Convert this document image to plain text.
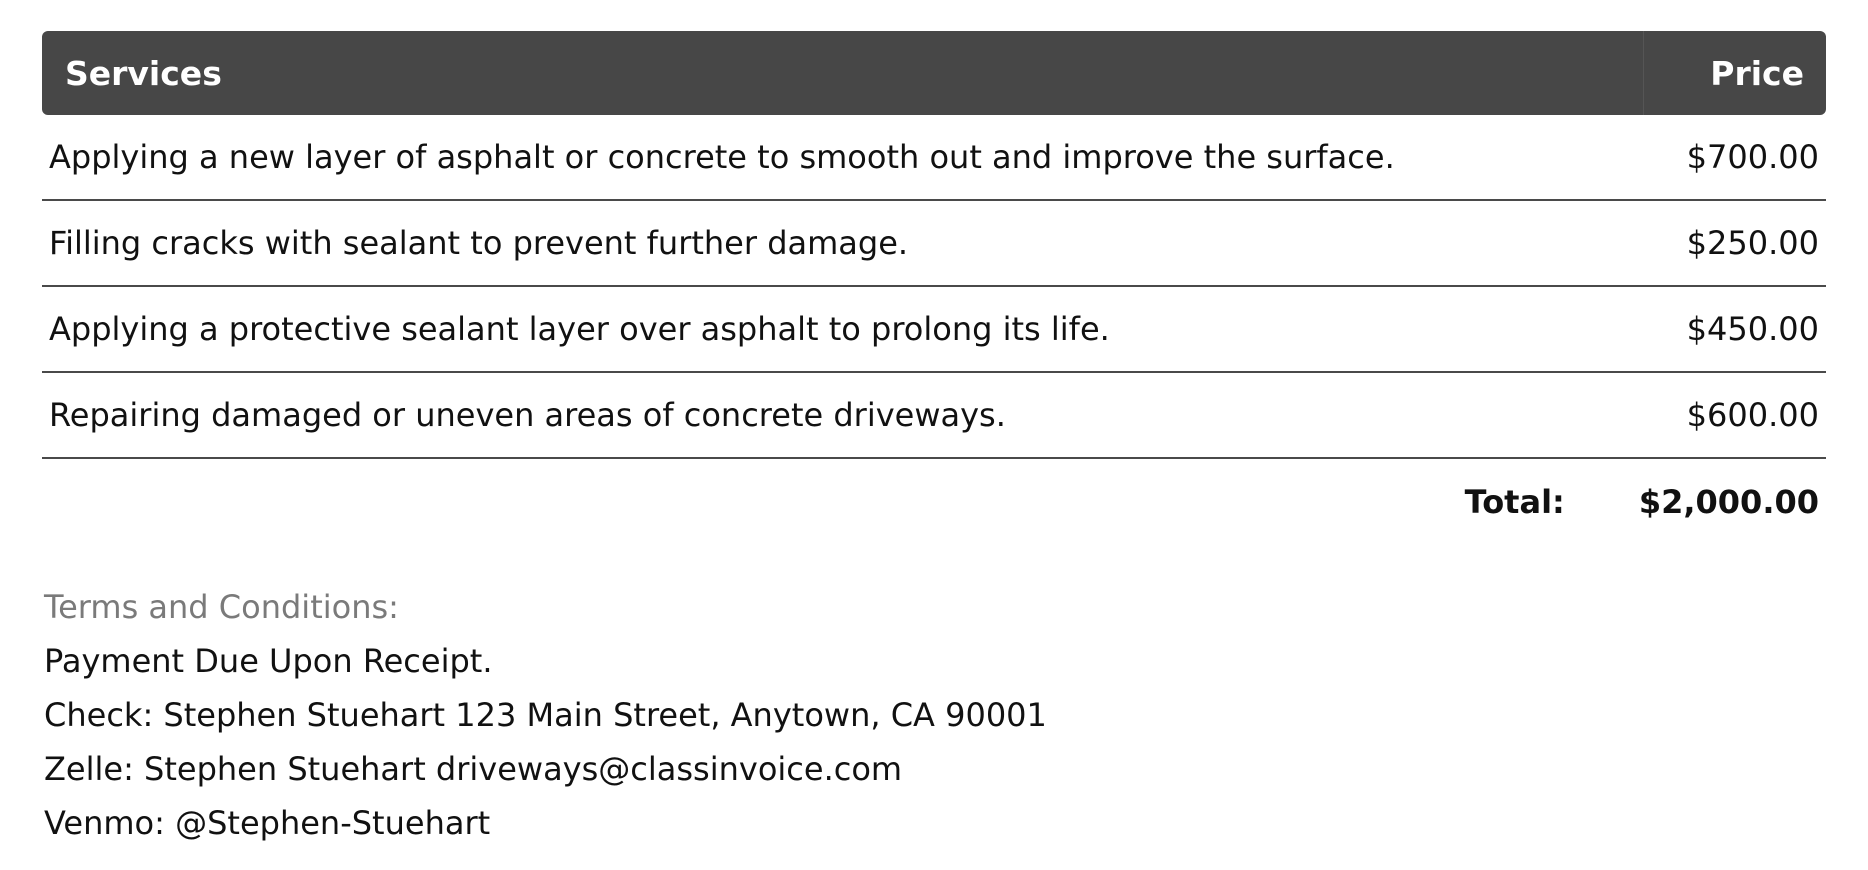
Services	Price
Applying a new layer of asphalt or concrete to smooth out and improve the surface.	$700.00
Filling cracks with sealant to prevent further damage.	$250.00
Applying a protective sealant layer over asphalt to prolong its life.	$450.00
Repairing damaged or uneven areas of concrete driveways.	$600.00
Total: $2,000.00
Terms and Conditions:
Payment Due Upon Receipt.
Check: Stephen Stuehart 123 Main Street, Anytown, CA 90001
Zelle: Stephen Stuehart driveways@classinvoice.com
Venmo: @Stephen-Stuehart
